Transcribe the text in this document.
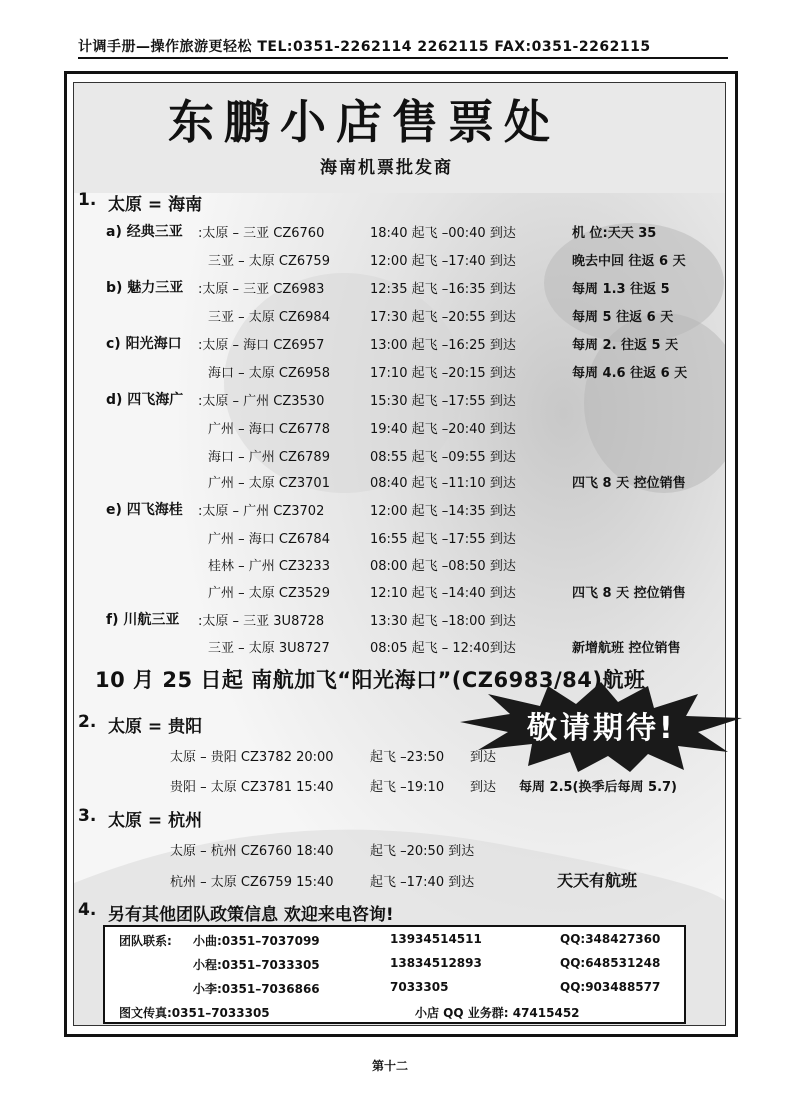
计调手册—操作旅游更轻松 TEL:0351-2262114 2262115 FAX:0351-2262115
东鹏小店售票处
海南机票批发商
1. 太原 = 海南
a) 经典三亚 :太原 – 三亚 CZ6760	18:40 起飞 –00:40 到达	机 位:天天 35
三亚 – 太原 CZ6759	12:00 起飞 –17:40 到达	晚去中回 往返 6 天
b) 魅力三亚 :太原 – 三亚 CZ6983	12:35 起飞 –16:35 到达	每周 1.3 往返 5
三亚 – 太原 CZ6984	17:30 起飞 –20:55 到达	每周 5 往返 6 天
c) 阳光海口 :太原 – 海口 CZ6957	13:00 起飞 –16:25 到达	每周 2. 往返 5 天
海口 – 太原 CZ6958	17:10 起飞 –20:15 到达	每周 4.6 往返 6 天
d) 四飞海广 :太原 – 广州 CZ3530	15:30 起飞 –17:55 到达
广州 – 海口 CZ6778	19:40 起飞 –20:40 到达
海口 – 广州 CZ6789	08:55 起飞 –09:55 到达
广州 – 太原 CZ3701	08:40 起飞 –11:10 到达	四飞 8 天 控位销售
e) 四飞海桂 :太原 – 广州 CZ3702	12:00 起飞 –14:35 到达
广州 – 海口 CZ6784	16:55 起飞 –17:55 到达
桂林 – 广州 CZ3233	08:00 起飞 –08:50 到达
广州 – 太原 CZ3529	12:10 起飞 –14:40 到达	四飞 8 天 控位销售
f) 川航三亚 :太原 – 三亚 3U8728	13:30 起飞 –18:00 到达
三亚 – 太原 3U8727	08:05 起飞 – 12:40到达	新增航班 控位销售
10 月 25 日起 南航加飞“阳光海口”(CZ6983/84)航班
敬请期待!
2. 太原 = 贵阳
太原 – 贵阳 CZ3782 20:00	起飞 –23:50 到达
贵阳 – 太原 CZ3781 15:40	起飞 –19:10 到达 每周 2.5(换季后每周 5.7)
3. 太原 = 杭州
太原 – 杭州 CZ6760 18:40	起飞 –20:50 到达
杭州 – 太原 CZ6759 15:40	起飞 –17:40 到达	天天有航班
4. 另有其他团队政策信息 欢迎来电咨询!
团队联系: 小曲:0351–7037099	13934514511	QQ:348427360
小程:0351–7033305	13834512893	QQ:648531248
小李:0351–7036866	7033305	QQ:903488577
图文传真:0351–7033305	小店 QQ 业务群: 47415452
第十二
